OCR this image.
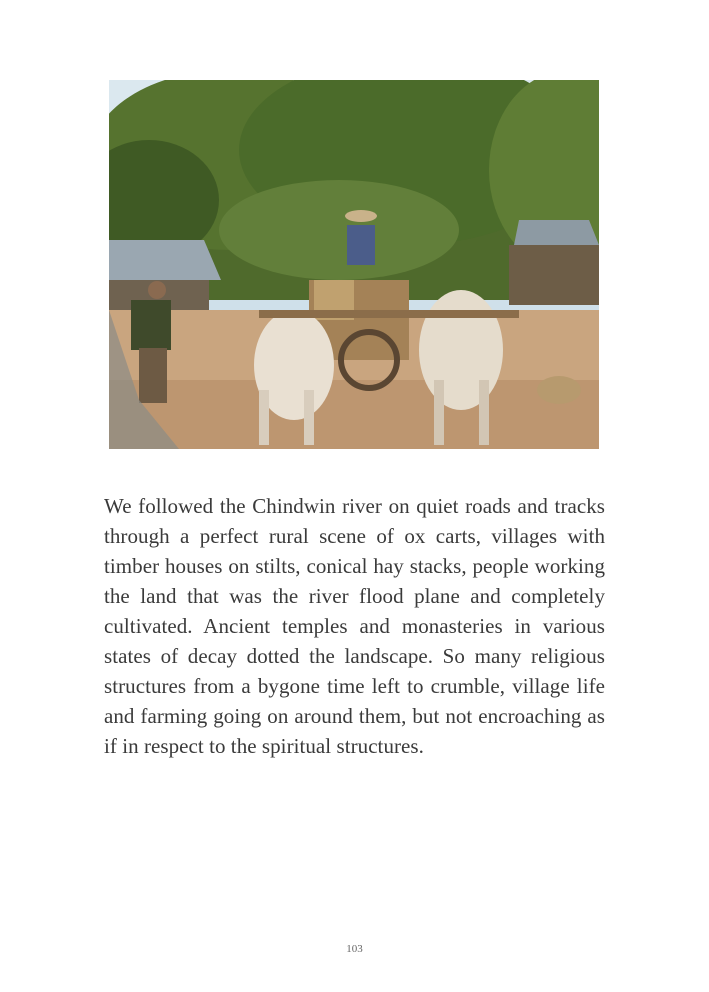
We followed the Chindwin river on quiet roads and tracks through a perfect rural scene of ox carts, villages with timber houses on stilts, conical hay stacks, people working the land that was the river flood plane and completely cultivated. Ancient temples and monasteries in various states of decay dotted the landscape. So many religious structures from a bygone time left to crumble, village life and farming going on around them, but not encroaching as if in respect to the spiritual structures.

103
